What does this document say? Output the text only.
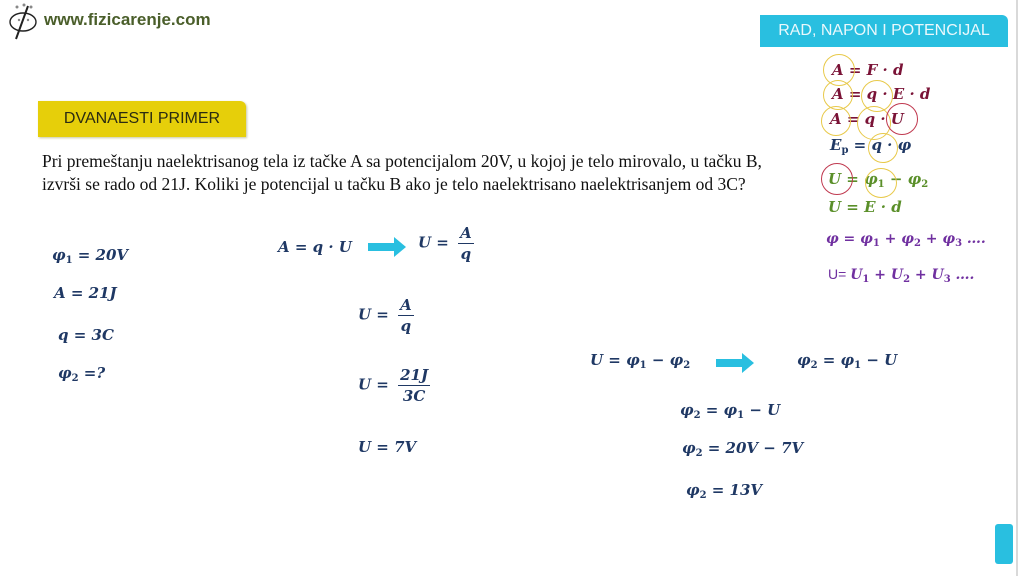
www.fizicarenje.com
RAD, NAPON I POTENCIJAL
DVANAESTI PRIMER
Pri premeštanju naelektrisanog tela iz tačke A sa potencijalom 20V, u kojoj je telo mirovalo, u tačku B, izvrši se rado od 21J. Koliki je potencijal u tačku B ako je telo naelektrisano naelektrisanjem od 3C?
$\varphi_1 = 20V$
A = 21J
q = 3C
$\varphi_2$ =?
A = q · U	$U = \frac{A}{q}$
$U = \frac{A}{q}$
$U = \frac{21J}{3C}$
U = 7V
$U = \varphi_1 - \varphi_2$	$\varphi_2 = \varphi_1 - U$
$\varphi_2 = \varphi_1 - U$
$\varphi_2 = 20V - 7V$
$\varphi_2 = 13V$
A = F · d
A = q · E · d
A = q · U
$E_p = q \cdot \varphi$
$U = \varphi_1 - \varphi_2$
U = E · d
$\varphi = \varphi_1 + \varphi_2 + \varphi_3$ ….
$U= U_1 + U_2 + U_3$ ….
